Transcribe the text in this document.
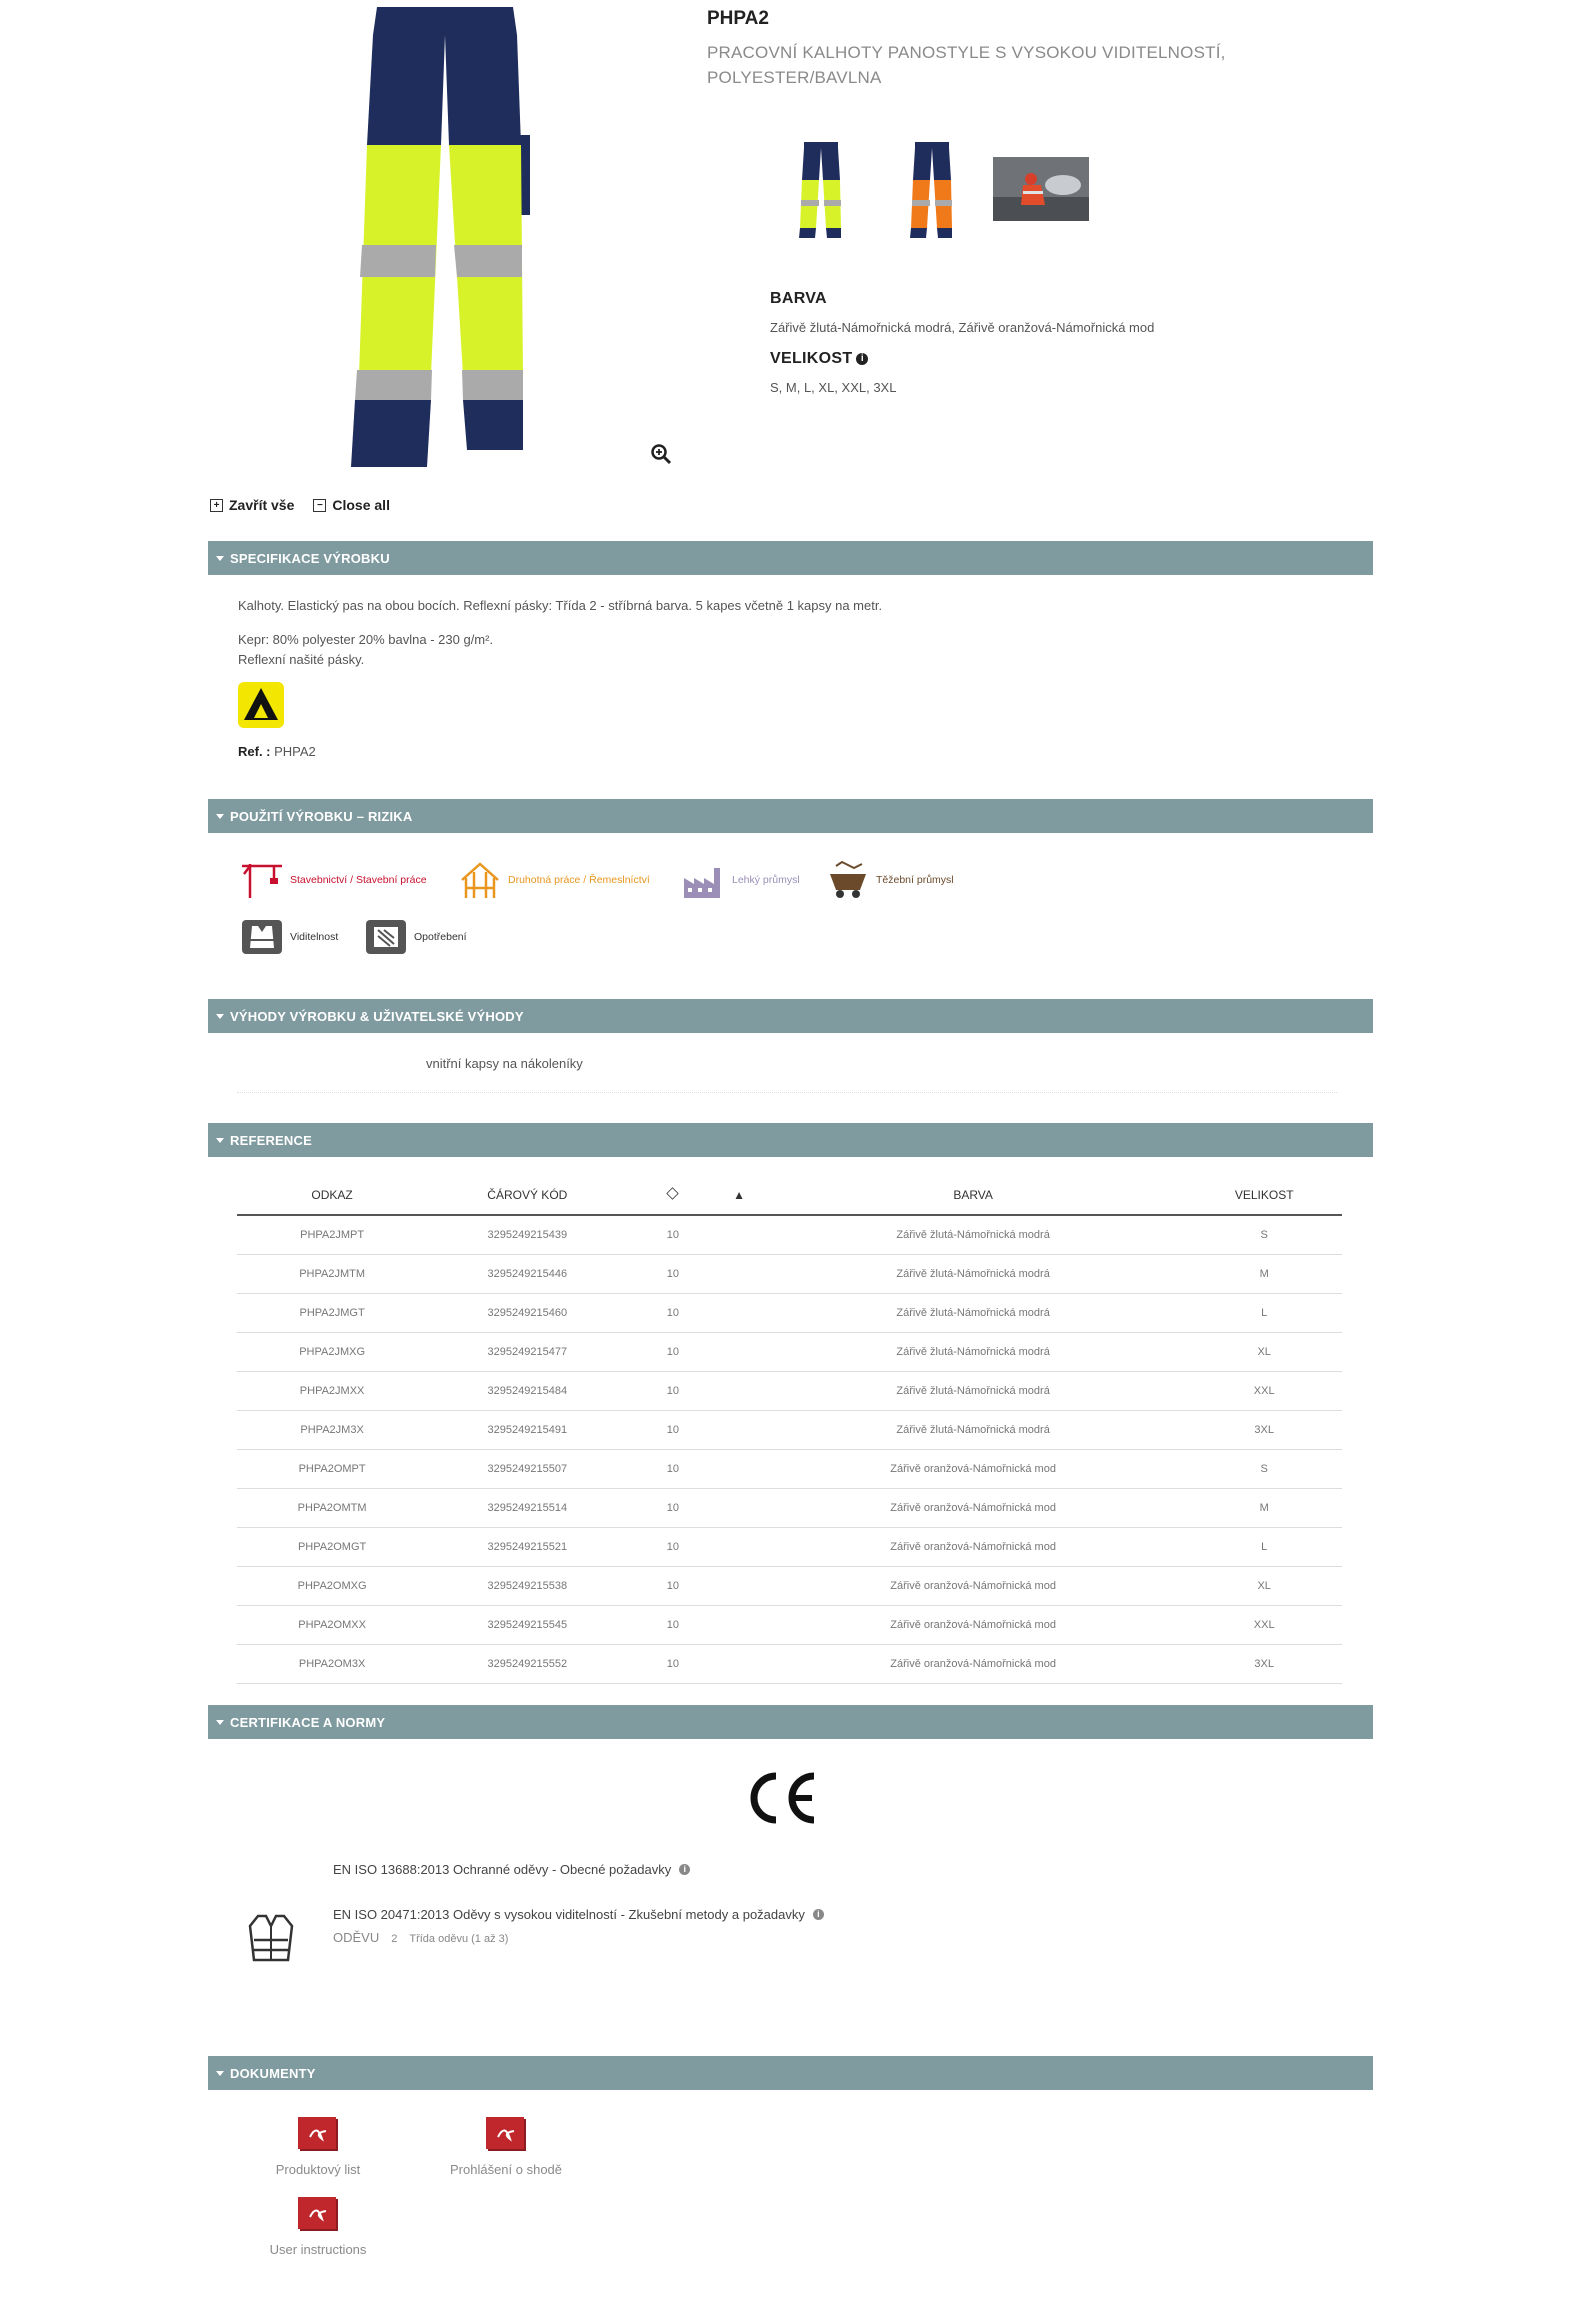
PHPA2
PRACOVNÍ KALHOTY PANOSTYLE S VYSOKOU VIDITELNOSTÍ, POLYESTER/BAVLNA
BARVA
Zářivě žlutá-Námořnická modrá, Zářivě oranžová-Námořnická mod
VELIKOST i
S, M, L, XL, XXL, 3XL
+ Zavřít vše	− Close all
SPECIFIKACE VÝROBKU
Kalhoty. Elastický pas na obou bocích. Reflexní pásky: Třída 2 - stříbrná barva. 5 kapes včetně 1 kapsy na metr.
Kepr: 80% polyester 20% bavlna - 230 g/m².
Reflexní našité pásky.
Ref. : PHPA2
POUŽITÍ VÝROBKU – RIZIKA
Stavebnictví / Stavební práce	Druhotná práce / Řemeslníctví	Lehký průmysl	Těžební průmysl
Viditelnost	Opotřebení
VÝHODY VÝROBKU & UŽIVATELSKÉ VÝHODY
vnitřní kapsy na nákoleníky
REFERENCE
ODKAZ	ČÁROVÝ KÓD		▲	BARVA	VELIKOST
PHPA2JMPT	3295249215439	10		Zářivě žlutá-Námořnická modrá	S
PHPA2JMTM	3295249215446	10		Zářivě žlutá-Námořnická modrá	M
PHPA2JMGT	3295249215460	10		Zářivě žlutá-Námořnická modrá	L
PHPA2JMXG	3295249215477	10		Zářivě žlutá-Námořnická modrá	XL
PHPA2JMXX	3295249215484	10		Zářivě žlutá-Námořnická modrá	XXL
PHPA2JM3X	3295249215491	10		Zářivě žlutá-Námořnická modrá	3XL
PHPA2OMPT	3295249215507	10		Zářivě oranžová-Námořnická mod	S
PHPA2OMTM	3295249215514	10		Zářivě oranžová-Námořnická mod	M
PHPA2OMGT	3295249215521	10		Zářivě oranžová-Námořnická mod	L
PHPA2OMXG	3295249215538	10		Zářivě oranžová-Námořnická mod	XL
PHPA2OMXX	3295249215545	10		Zářivě oranžová-Námořnická mod	XXL
PHPA2OM3X	3295249215552	10		Zářivě oranžová-Námořnická mod	3XL
CERTIFIKACE A NORMY
EN ISO 13688:2013 Ochranné oděvy - Obecné požadavky	i
EN ISO 20471:2013 Oděvy s vysokou viditelností - Zkušební metody a požadavky	i
ODĚVU 2 Třída oděvu (1 až 3)
DOKUMENTY
Produktový list	Prohlášení o shodě
User instructions
